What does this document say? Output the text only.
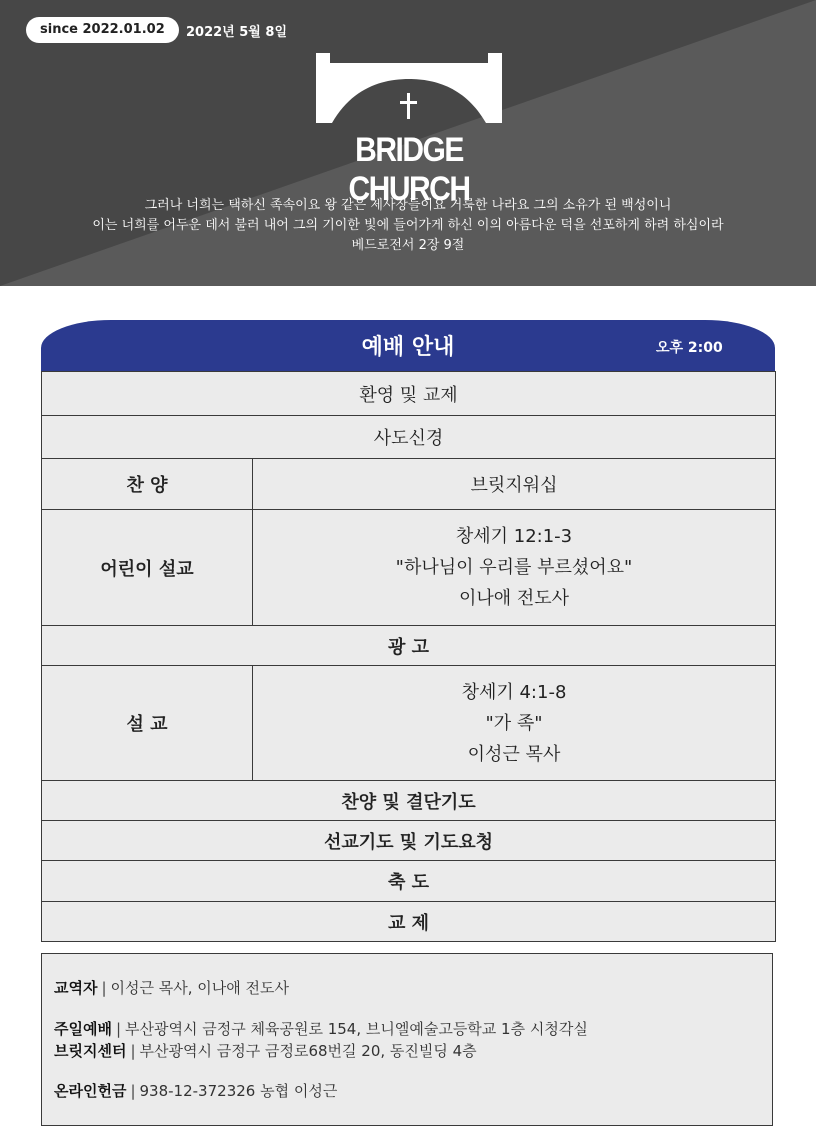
since 2022.01.02	2022년 5월 8일
BRIDGE CHURCH
그러나 너희는 택하신 족속이요 왕 같은 제사장들이요 거룩한 나라요 그의 소유가 된 백성이니
이는 너희를 어두운 데서 불러 내어 그의 기이한 빛에 들어가게 하신 이의 아름다운 덕을 선포하게 하려 하심이라
베드로전서 2장 9절
예배 안내	오후 2:00
환영 및 교제	
사도신경	
찬 양	브릿지워십
어린이 설교	창세기 12:1-3
"하나님이 우리를 부르셨어요"
이나애 전도사

광 고	
설 교	창세기 4:1-8
"가 족"
이성근 목사

찬양 및 결단기도	
선교기도 및 기도요청	
축 도	
교 제	
교역자 | 이성근 목사, 이나애 전도사
주일예배 | 부산광역시 금정구 체육공원로 154, 브니엘예술고등학교 1층 시청각실
브릿지센터 | 부산광역시 금정구 금정로68번길 20, 동진빌딩 4층
온라인헌금 | 938-12-372326 농협 이성근
